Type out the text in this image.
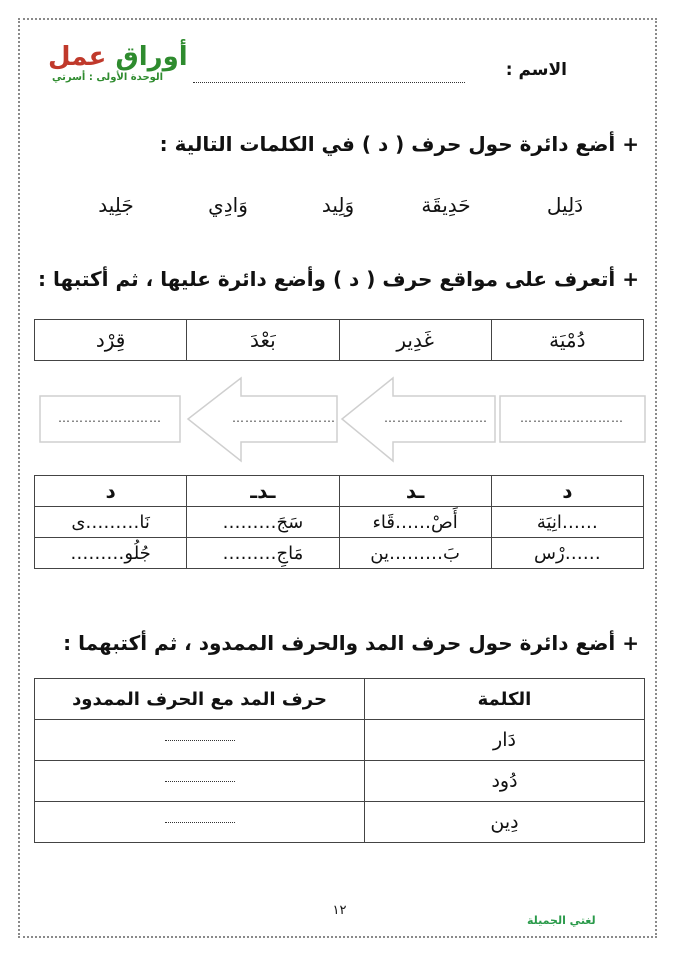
أوراق عمل
الوحدة الأولى : أسرتي	الاسم :
+ أضع دائرة حول حرف ( د ) في الكلمات التالية :
دَلِيل
حَدِيقَة
وَلِيد
وَادِي
جَلِيد
+ أتعرف على مواقع حرف ( د ) وأضع دائرة عليها ، ثم أكتبها :
دُمْيَة	غَدِير	بَعْدَ	قِرْد
……………………
……………………
……………………
……………………
د	ـد	ـدـ	د
……انِيَة	أَصْ……قَاء	سَجَ………	نَا………ى
……رْس	بَ………ين	مَاجِ………	جُلُو………
+ أضع دائرة حول حرف المد والحرف الممدود ، ثم أكتبهما :
الكلمة	حرف المد مع الحرف الممدود
دَار	
دُود	
دِين	
١٢
لغتي الجميلة
